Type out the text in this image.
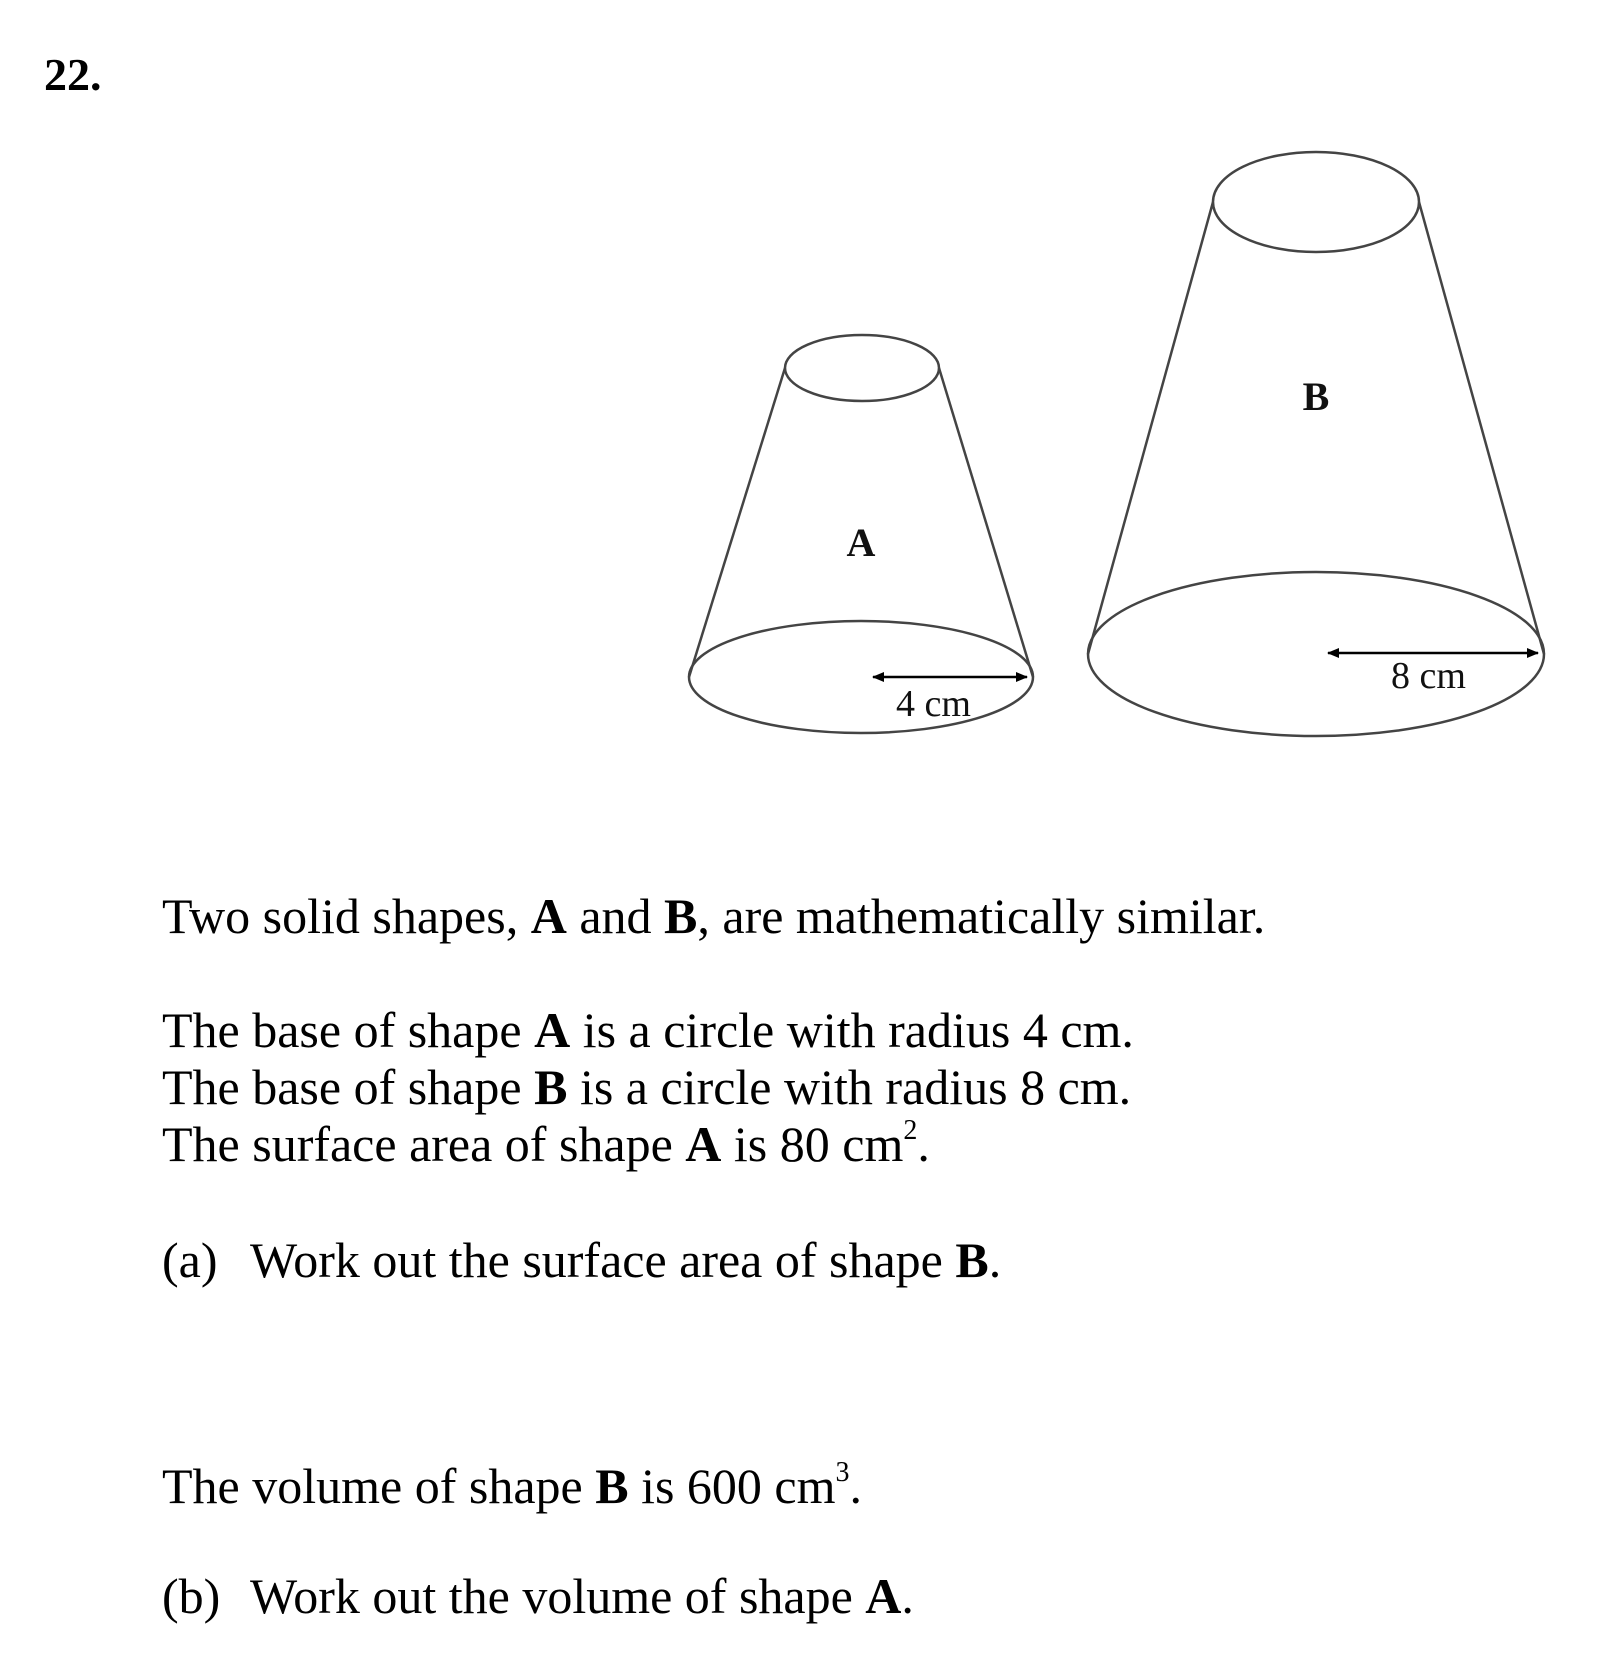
22.
A
B
4 cm
8 cm
Two solid shapes, A and B, are mathematically similar.
The base of shape A is a circle with radius 4 cm.
The base of shape B is a circle with radius 8 cm.
The surface area of shape A is 80 $cm^2$.
(a) Work out the surface area of shape B.
The volume of shape B is 600 $cm^3$.
(b) Work out the volume of shape A.
